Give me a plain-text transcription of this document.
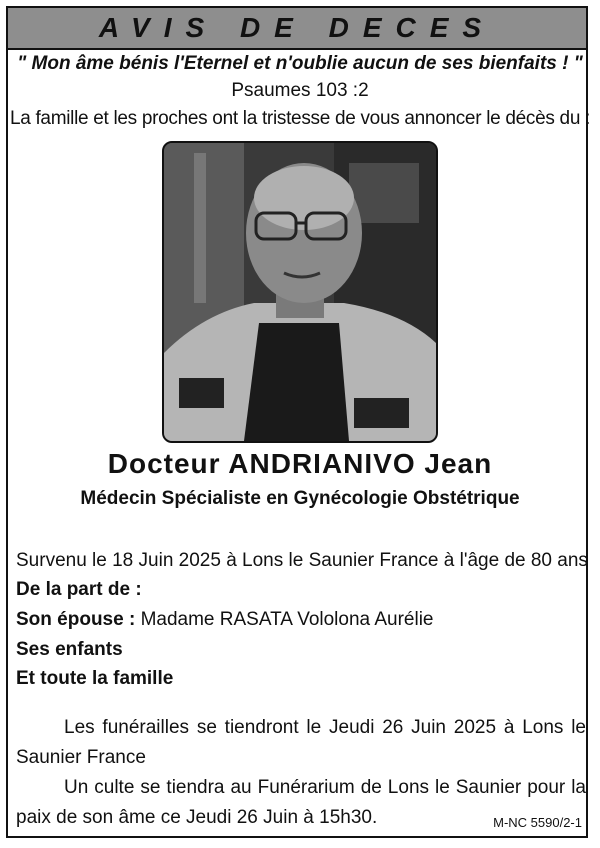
AVIS DE DECES
" Mon âme bénis l'Eternel et n'oublie aucun de ses bienfaits ! "
Psaumes 103 :2
La famille et les proches ont la tristesse de vous annoncer le décès du :
Docteur ANDRIANIVO Jean
Médecin Spécialiste en Gynécologie Obstétrique
Survenu le 18 Juin 2025 à Lons le Saunier France à l'âge de 80 ans
De la part de :
Son épouse : Madame RASATA Vololona Aurélie
Ses enfants
Et toute la famille
Les funérailles se tiendront le Jeudi 26 Juin 2025 à Lons le Saunier France
Un culte se tiendra au Funérarium de Lons le Saunier pour la paix de son âme ce Jeudi 26 Juin à 15h30.	M-NC 5590/2-1
